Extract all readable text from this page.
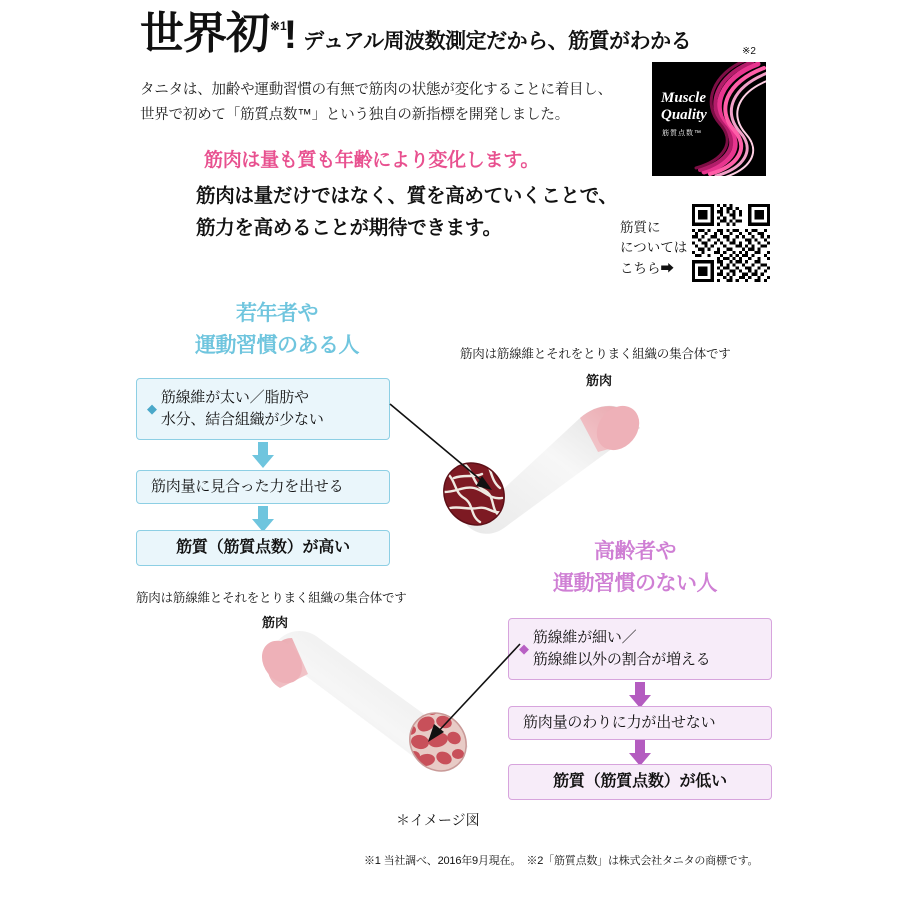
世界初 ※1
! デュアル周波数測定だから、筋質がわかる
タニタは、加齢や運動習慣の有無で筋肉の状態が変化することに着目し、
世界で初めて「筋質点数™」という独自の新指標を開発しました。
筋肉は量も質も年齢により変化します。
筋肉は量だけではなく、質を高めていくことで、
筋力を高めることが期待できます。
※2
Muscle
Quality
筋質点数™
筋質に
については
こちら➡
若年者や
運動習慣のある人
◆
筋線維が太い／脂肪や
水分、結合組織が少ない
筋肉量に見合った力を出せる
筋質（筋質点数）が高い
筋肉は筋線維とそれをとりまく組織の集合体です
筋肉
筋肉は筋線維とそれをとりまく組織の集合体です
筋肉
高齢者や
運動習慣のない人
◆
筋線維が細い／
筋線維以外の割合が増える
筋肉量のわりに力が出せない
筋質（筋質点数）が低い
＊イメージ図
※1 当社調べ、2016年9月現在。　※2「筋質点数」は株式会社タニタの商標です。
